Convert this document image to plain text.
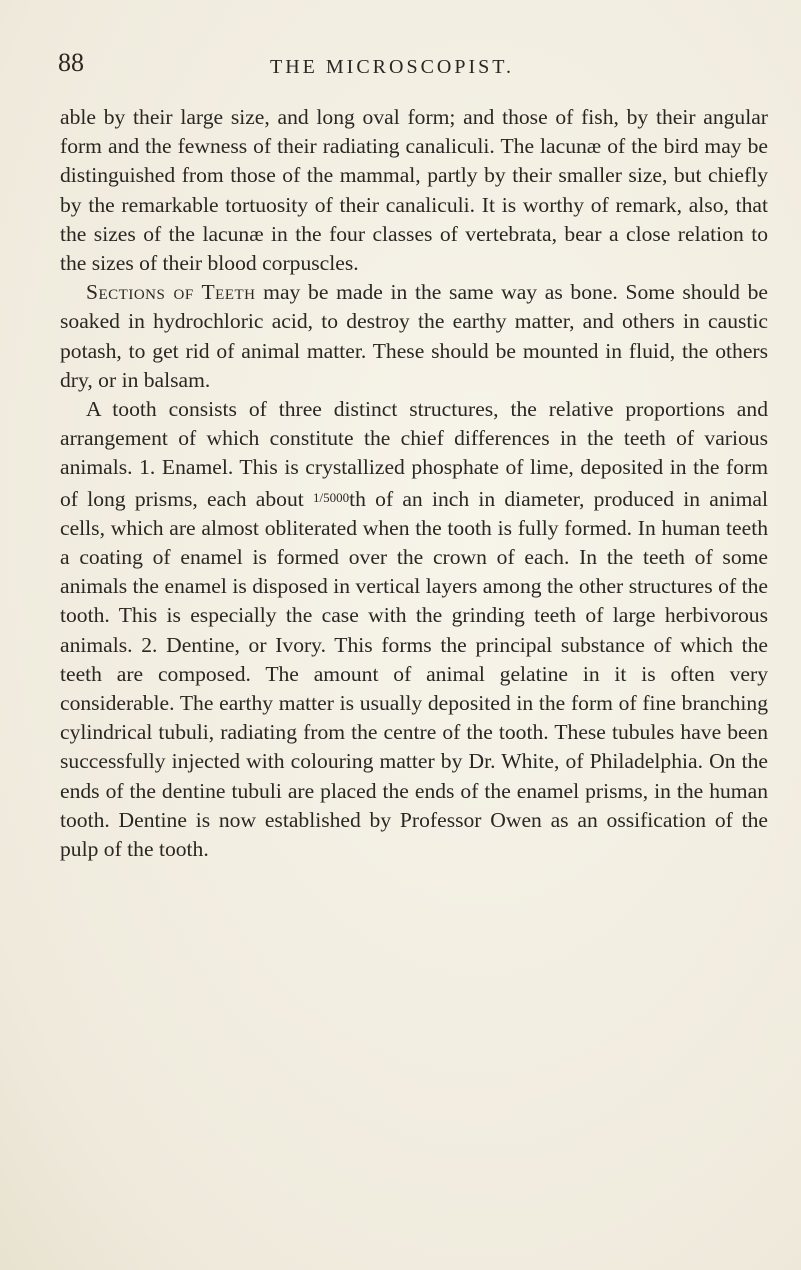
88	THE MICROSCOPIST.

able by their large size, and long oval form; and those of fish, by their angular form and the fewness of their radiating canaliculi. The lacunæ of the bird may be distinguished from those of the mammal, partly by their smaller size, but chiefly by the remarkable tortuosity of their canaliculi. It is worthy of remark, also, that the sizes of the lacunæ in the four classes of vertebrata, bear a close relation to the sizes of their blood corpuscles.

Sections of Teeth may be made in the same way as bone. Some should be soaked in hydrochloric acid, to destroy the earthy matter, and others in caustic potash, to get rid of animal matter. These should be mounted in fluid, the others dry, or in balsam.

A tooth consists of three distinct structures, the relative proportions and arrangement of which constitute the chief differences in the teeth of various animals. 1. Enamel. This is crystallized phosphate of lime, deposited in the form of long prisms, each about 1/5000th of an inch in diameter, produced in animal cells, which are almost obliterated when the tooth is fully formed. In human teeth a coating of enamel is formed over the crown of each. In the teeth of some animals the enamel is disposed in vertical layers among the other structures of the tooth. This is especially the case with the grinding teeth of large herbivorous animals. 2. Dentine, or Ivory. This forms the principal substance of which the teeth are composed. The amount of animal gelatine in it is often very considerable. The earthy matter is usually deposited in the form of fine branching cylindrical tubuli, radiating from the centre of the tooth. These tubules have been successfully injected with colouring matter by Dr. White, of Philadelphia. On the ends of the dentine tubuli are placed the ends of the enamel prisms, in the human tooth. Dentine is now established by Professor Owen as an ossification of the pulp of the tooth.
